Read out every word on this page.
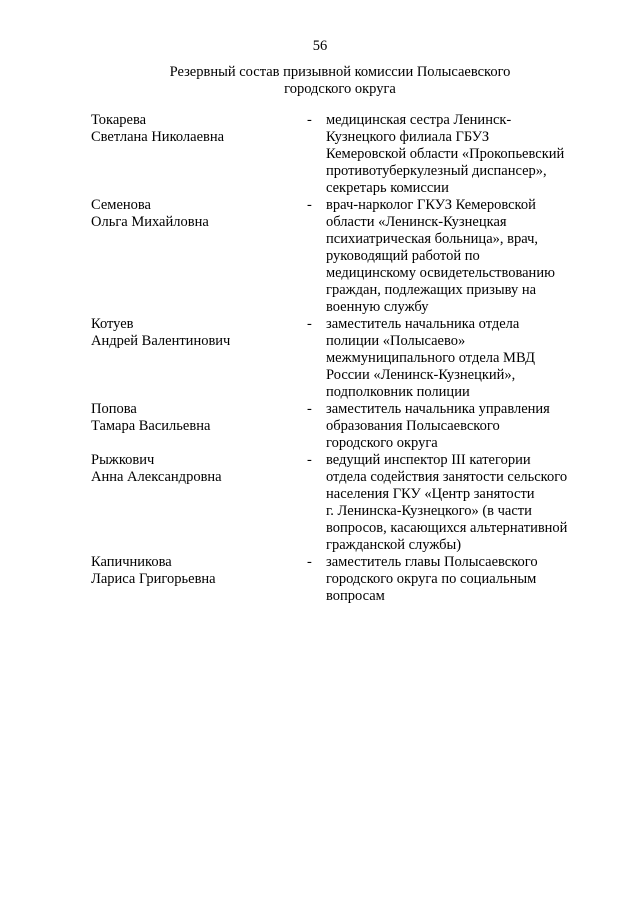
56
Резервный состав призывной комиссии Полысаевского
городского округа
Токарева
Светлана Николаевна
- медицинская сестра Ленинск-
Кузнецкого филиала ГБУЗ
Кемеровской области «Прокопьевский
противотуберкулезный диспансер»,
секретарь комиссии
Семенова
Ольга Михайловна
- врач-нарколог ГКУЗ Кемеровской
области «Ленинск-Кузнецкая
психиатрическая больница», врач,
руководящий работой по
медицинскому освидетельствованию
граждан, подлежащих призыву на
военную службу
Котуев
Андрей Валентинович
- заместитель начальника отдела
полиции «Полысаево»
межмуниципального отдела МВД
России «Ленинск-Кузнецкий»,
подполковник полиции
Попова
Тамара Васильевна
- заместитель начальника управления
образования Полысаевского
городского округа
Рыжкович
Анна Александровна
- ведущий инспектор III категории
отдела содействия занятости сельского
населения ГКУ «Центр занятости
г. Ленинска-Кузнецкого» (в части
вопросов, касающихся альтернативной
гражданской службы)
Капичникова
Лариса Григорьевна
- заместитель главы Полысаевского
городского округа по социальным
вопросам
